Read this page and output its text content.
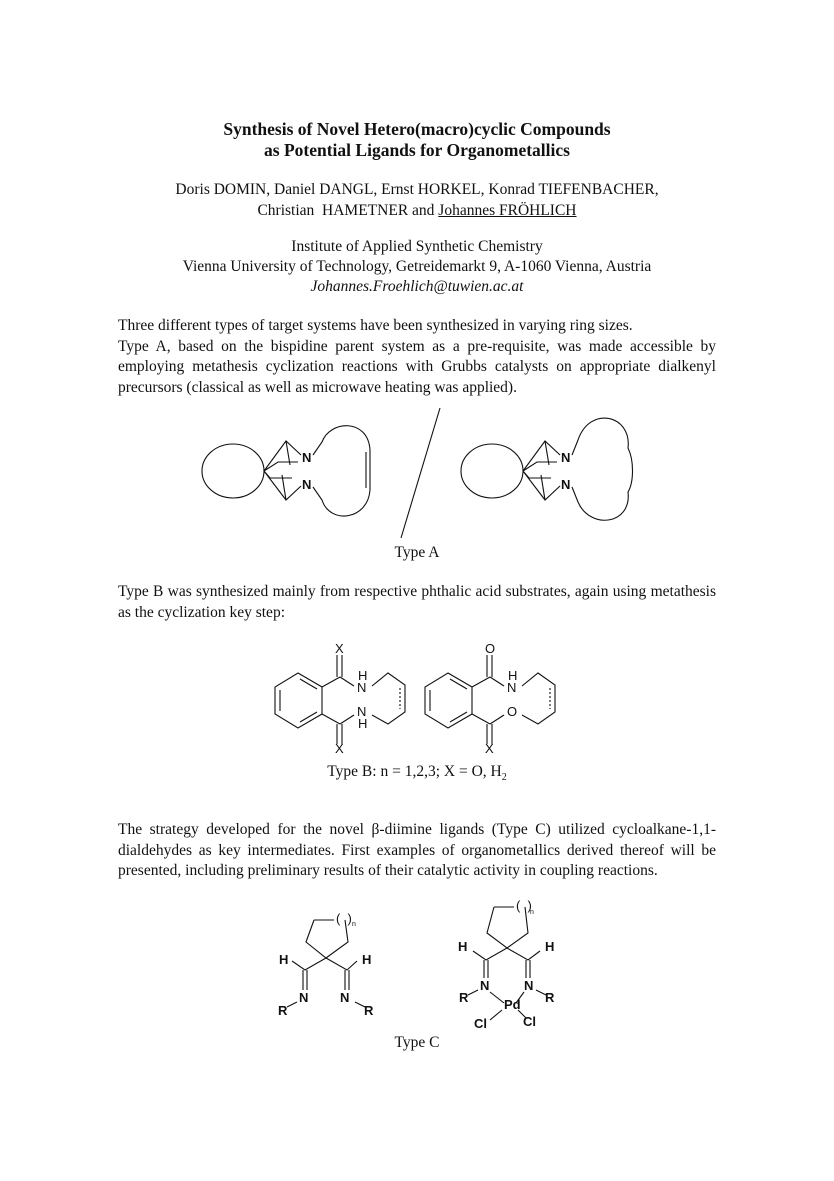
Synthesis of Novel Hetero(macro)cyclic Compounds
as Potential Ligands for Organometallics
Doris DOMIN, Daniel DANGL, Ernst HORKEL, Konrad TIEFENBACHER,
Christian  HAMETNER and Johannes FRÖHLICH
Institute of Applied Synthetic Chemistry
Vienna University of Technology, Getreidemarkt 9, A-1060 Vienna, Austria
Johannes.Froehlich@tuwien.ac.at

Three different types of target systems have been synthesized in varying ring sizes.

Type A, based on the bispidine parent system as a pre-requisite, was made accessible by employing metathesis cyclization reactions with Grubbs catalysts on appropriate dialkenyl precursors (classical as well as microwave heating was applied).

N
N
N
N
Type A

Type B was synthesized mainly from respective phthalic acid substrates, again using metathesis as the cyclization key step:

X
X
H
N
N
H
O
X
H
N
O
Type B: n = 1,2,3; X = O, $H_2$

The strategy developed for the novel β-diimine ligands (Type C) utilized cycloalkane-1,1-dialdehydes as key intermediates. First examples of organometallics derived thereof will be presented, including preliminary results of their catalytic activity in coupling reactions.

(  ) n
H	H
N N
R	R
(  )
n
H	H
N	N
R	R
Pd
Cl	Cl
Type C
